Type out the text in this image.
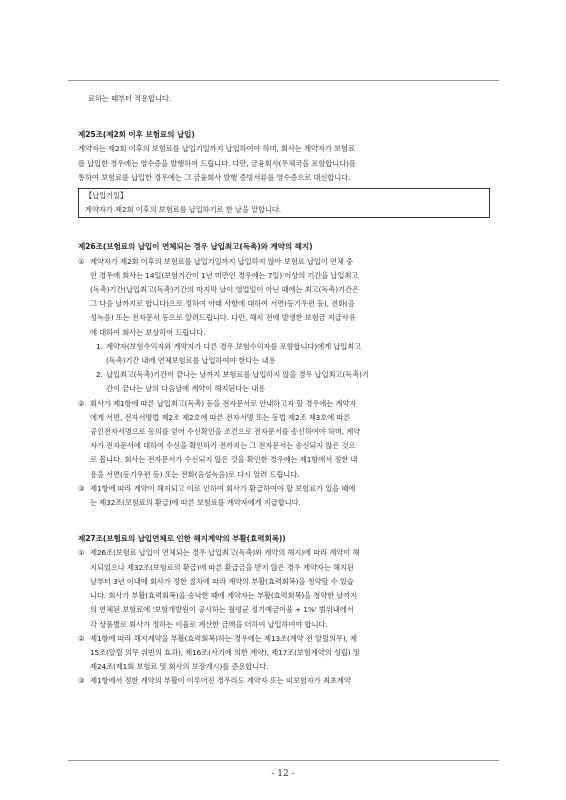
료하는 때부터 적용합니다.

제25조(제2회 이후 보험료의 납입)

계약자는 제2회 이후의 보험료를 납입기일까지 납입하여야 하며, 회사는 계약자가 보험료

를 납입한 경우에는 영수증을 발행하여 드립니다. 다만, 금융회사(우체국을 포함합니다)를

통하여 보험료를 납입한 경우에는 그 금융회사 발행 증빙서류를 영수증으로 대신합니다.

【납입기일】

계약자가 제2회 이후의 보험료를 납입하기로 한 날을 말합니다.

제26조(보험료의 납입이 연체되는 경우 납입최고(독촉)와 계약의 해지)

① 계약자가 제2회 이후의 보험료를 납입기일까지 납입하지 않아 보험료 납입이 연체 중

인 경우에 회사는 14일(보험기간이 1년 미만인 경우에는 7일) 이상의 기간을 납입최고

(독촉)기간(납입최고(독촉)기간의 마지막 날이 영업일이 아닌 때에는 최고(독촉)기간은

그 다음 날까지로 합니다)으로 정하여 아래 사항에 대하여 서면(등기우편 등), 전화(음

성녹음) 또는 전자문서 등으로 알려드립니다. 다만, 해지 전에 발생한 보험금 지급사유

에 대하여 회사는 보상하여 드립니다.

1. 계약자(보험수익자와 계약자가 다른 경우 보험수익자를 포함합니다)에게 납입최고

(독촉)기간 내에 연체보험료를 납입하여야 한다는 내용

2. 납입최고(독촉)기간이 끝나는 날까지 보험료를 납입하지 않을 경우 납입최고(독촉)기

간이 끝나는 날의 다음날에 계약이 해지된다는 내용

② 회사가 제1항에 따른 납입최고(독촉) 등을 전자문서로 안내하고자 할 경우에는 계약자

에게 서면, 전자서명법 제2조 제2호에 따른 전자서명 또는 동법 제2조 제3호에 따른

공인전자서명으로 동의를 얻어 수신확인을 조건으로 전자문서를 송신하여야 하며, 계약

자가 전자문서에 대하여 수신을 확인하기 전까지는 그 전자문서는 송신되지 않은 것으

로 봅니다. 회사는 전자문서가 수신되지 않은 것을 확인한 경우에는 제1항에서 정한 내

용을 서면(등기우편 등) 또는 전화(음성녹음)로 다시 알려 드립니다.

③ 제1항에 따라 계약이 해지되고 이로 인하여 회사가 환급하여야 할 보험료가 있을 때에

는 제32조(보험료의 환급)에 따른 보험료를 계약자에게 지급합니다.

제27조(보험료의 납입연체로 인한 해지계약의 부활(효력회복))

① 제26조(보험료 납입이 연체되는 경우 납입최고(독촉)와 계약의 해지)에 따라 계약이 해

지되었으나 제32조(보험료의 환급)에 따른 환급금을 받지 않은 경우 계약자는 해지된

날부터 3년 이내에 회사가 정한 절차에 따라 계약의 부활(효력회복)을 청약할 수 있습

니다. 회사가 부활(효력회복)을 승낙한 때에 계약자는 부활(효력회복)을 청약한 날까지

의 연체된 보험료에 '보험개발원이 공시하는 월평균 정기예금이율 + 1%' 범위내에서

각 상품별로 회사가 정하는 이율로 계산한 금액을 더하여 납입하여야 합니다.

② 제1항에 따라 해지계약을 부활(효력회복)하는 경우에는 제13조(계약 전 알릴의무), 제

15조(알릴 의무 위반의 효과), 제16조(사기에 의한 계약), 제17조(보험계약의 성립) 및

제24조(제1회 보험료 및 회사의 보장개시)를 준용합니다.

③ 제1항에서 정한 계약의 부활이 이루어진 경우라도 계약자 또는 피보험자가 최초계약

- 12 -
